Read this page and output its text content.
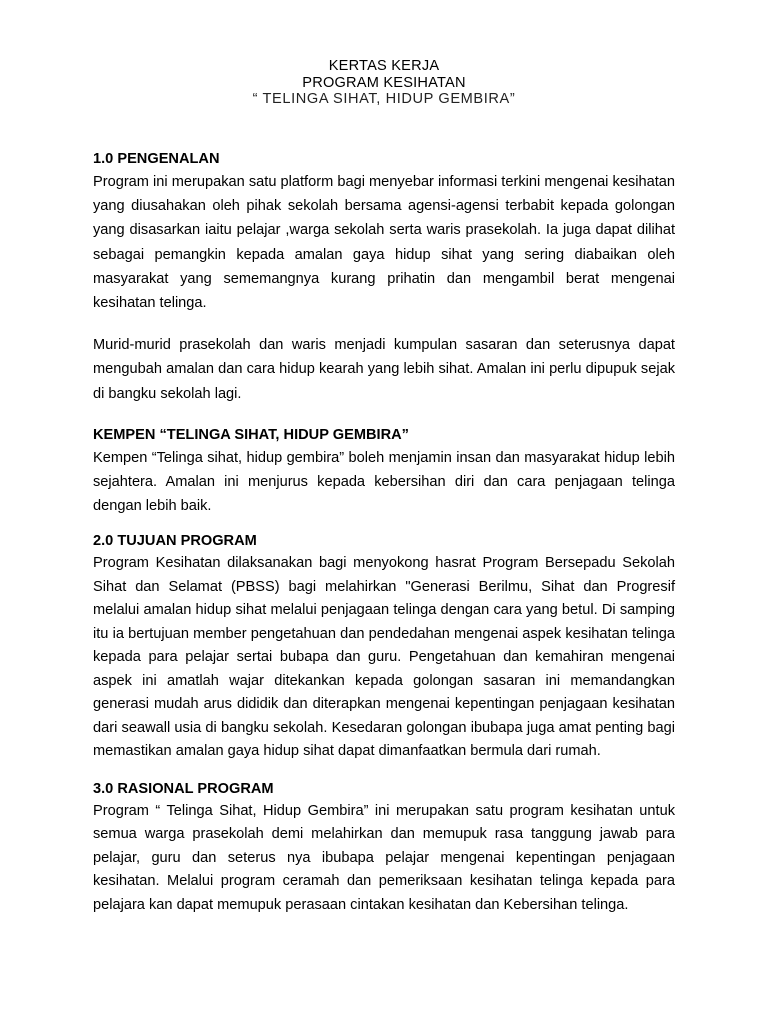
KERTAS KERJA
PROGRAM KESIHATAN
“ TELINGA SIHAT, HIDUP GEMBIRA”

1.0 PENGENALAN

Program ini merupakan satu platform bagi menyebar informasi terkini mengenai kesihatan yang diusahakan oleh pihak sekolah bersama agensi-agensi terbabit kepada golongan yang disasarkan iaitu pelajar ,warga sekolah serta waris prasekolah. Ia juga dapat dilihat sebagai pemangkin kepada amalan gaya hidup sihat yang sering diabaikan oleh masyarakat yang sememangnya kurang prihatin dan mengambil berat mengenai kesihatan telinga.

Murid-murid prasekolah dan waris menjadi kumpulan sasaran dan seterusnya dapat mengubah amalan dan cara hidup kearah yang lebih sihat. Amalan ini perlu dipupuk sejak di bangku sekolah lagi.

KEMPEN “TELINGA SIHAT, HIDUP GEMBIRA”

Kempen “Telinga sihat, hidup gembira” boleh menjamin insan dan masyarakat hidup lebih sejahtera. Amalan ini menjurus kepada kebersihan diri dan cara penjagaan telinga dengan lebih baik.

2.0 TUJUAN PROGRAM

Program Kesihatan dilaksanakan bagi menyokong hasrat Program Bersepadu Sekolah Sihat dan Selamat (PBSS) bagi melahirkan "Generasi Berilmu, Sihat dan Progresif melalui amalan hidup sihat melalui penjagaan telinga dengan cara yang betul. Di samping itu ia bertujuan member pengetahuan dan pendedahan mengenai aspek kesihatan telinga kepada para pelajar sertai bubapa dan guru. Pengetahuan dan kemahiran mengenai aspek ini amatlah wajar ditekankan kepada golongan sasaran ini memandangkan generasi mudah arus dididik dan diterapkan mengenai kepentingan penjagaan kesihatan dari seawall usia di bangku sekolah. Kesedaran golongan ibubapa juga amat penting bagi memastikan amalan gaya hidup sihat dapat dimanfaatkan bermula dari rumah.

3.0 RASIONAL PROGRAM

Program “ Telinga Sihat, Hidup Gembira” ini merupakan satu program kesihatan untuk semua warga prasekolah demi melahirkan dan memupuk rasa tanggung jawab para pelajar, guru dan seterus nya ibubapa pelajar mengenai kepentingan penjagaan kesihatan. Melalui program ceramah dan pemeriksaan kesihatan telinga kepada para pelajara kan dapat memupuk perasaan cintakan kesihatan dan Kebersihan telinga.
